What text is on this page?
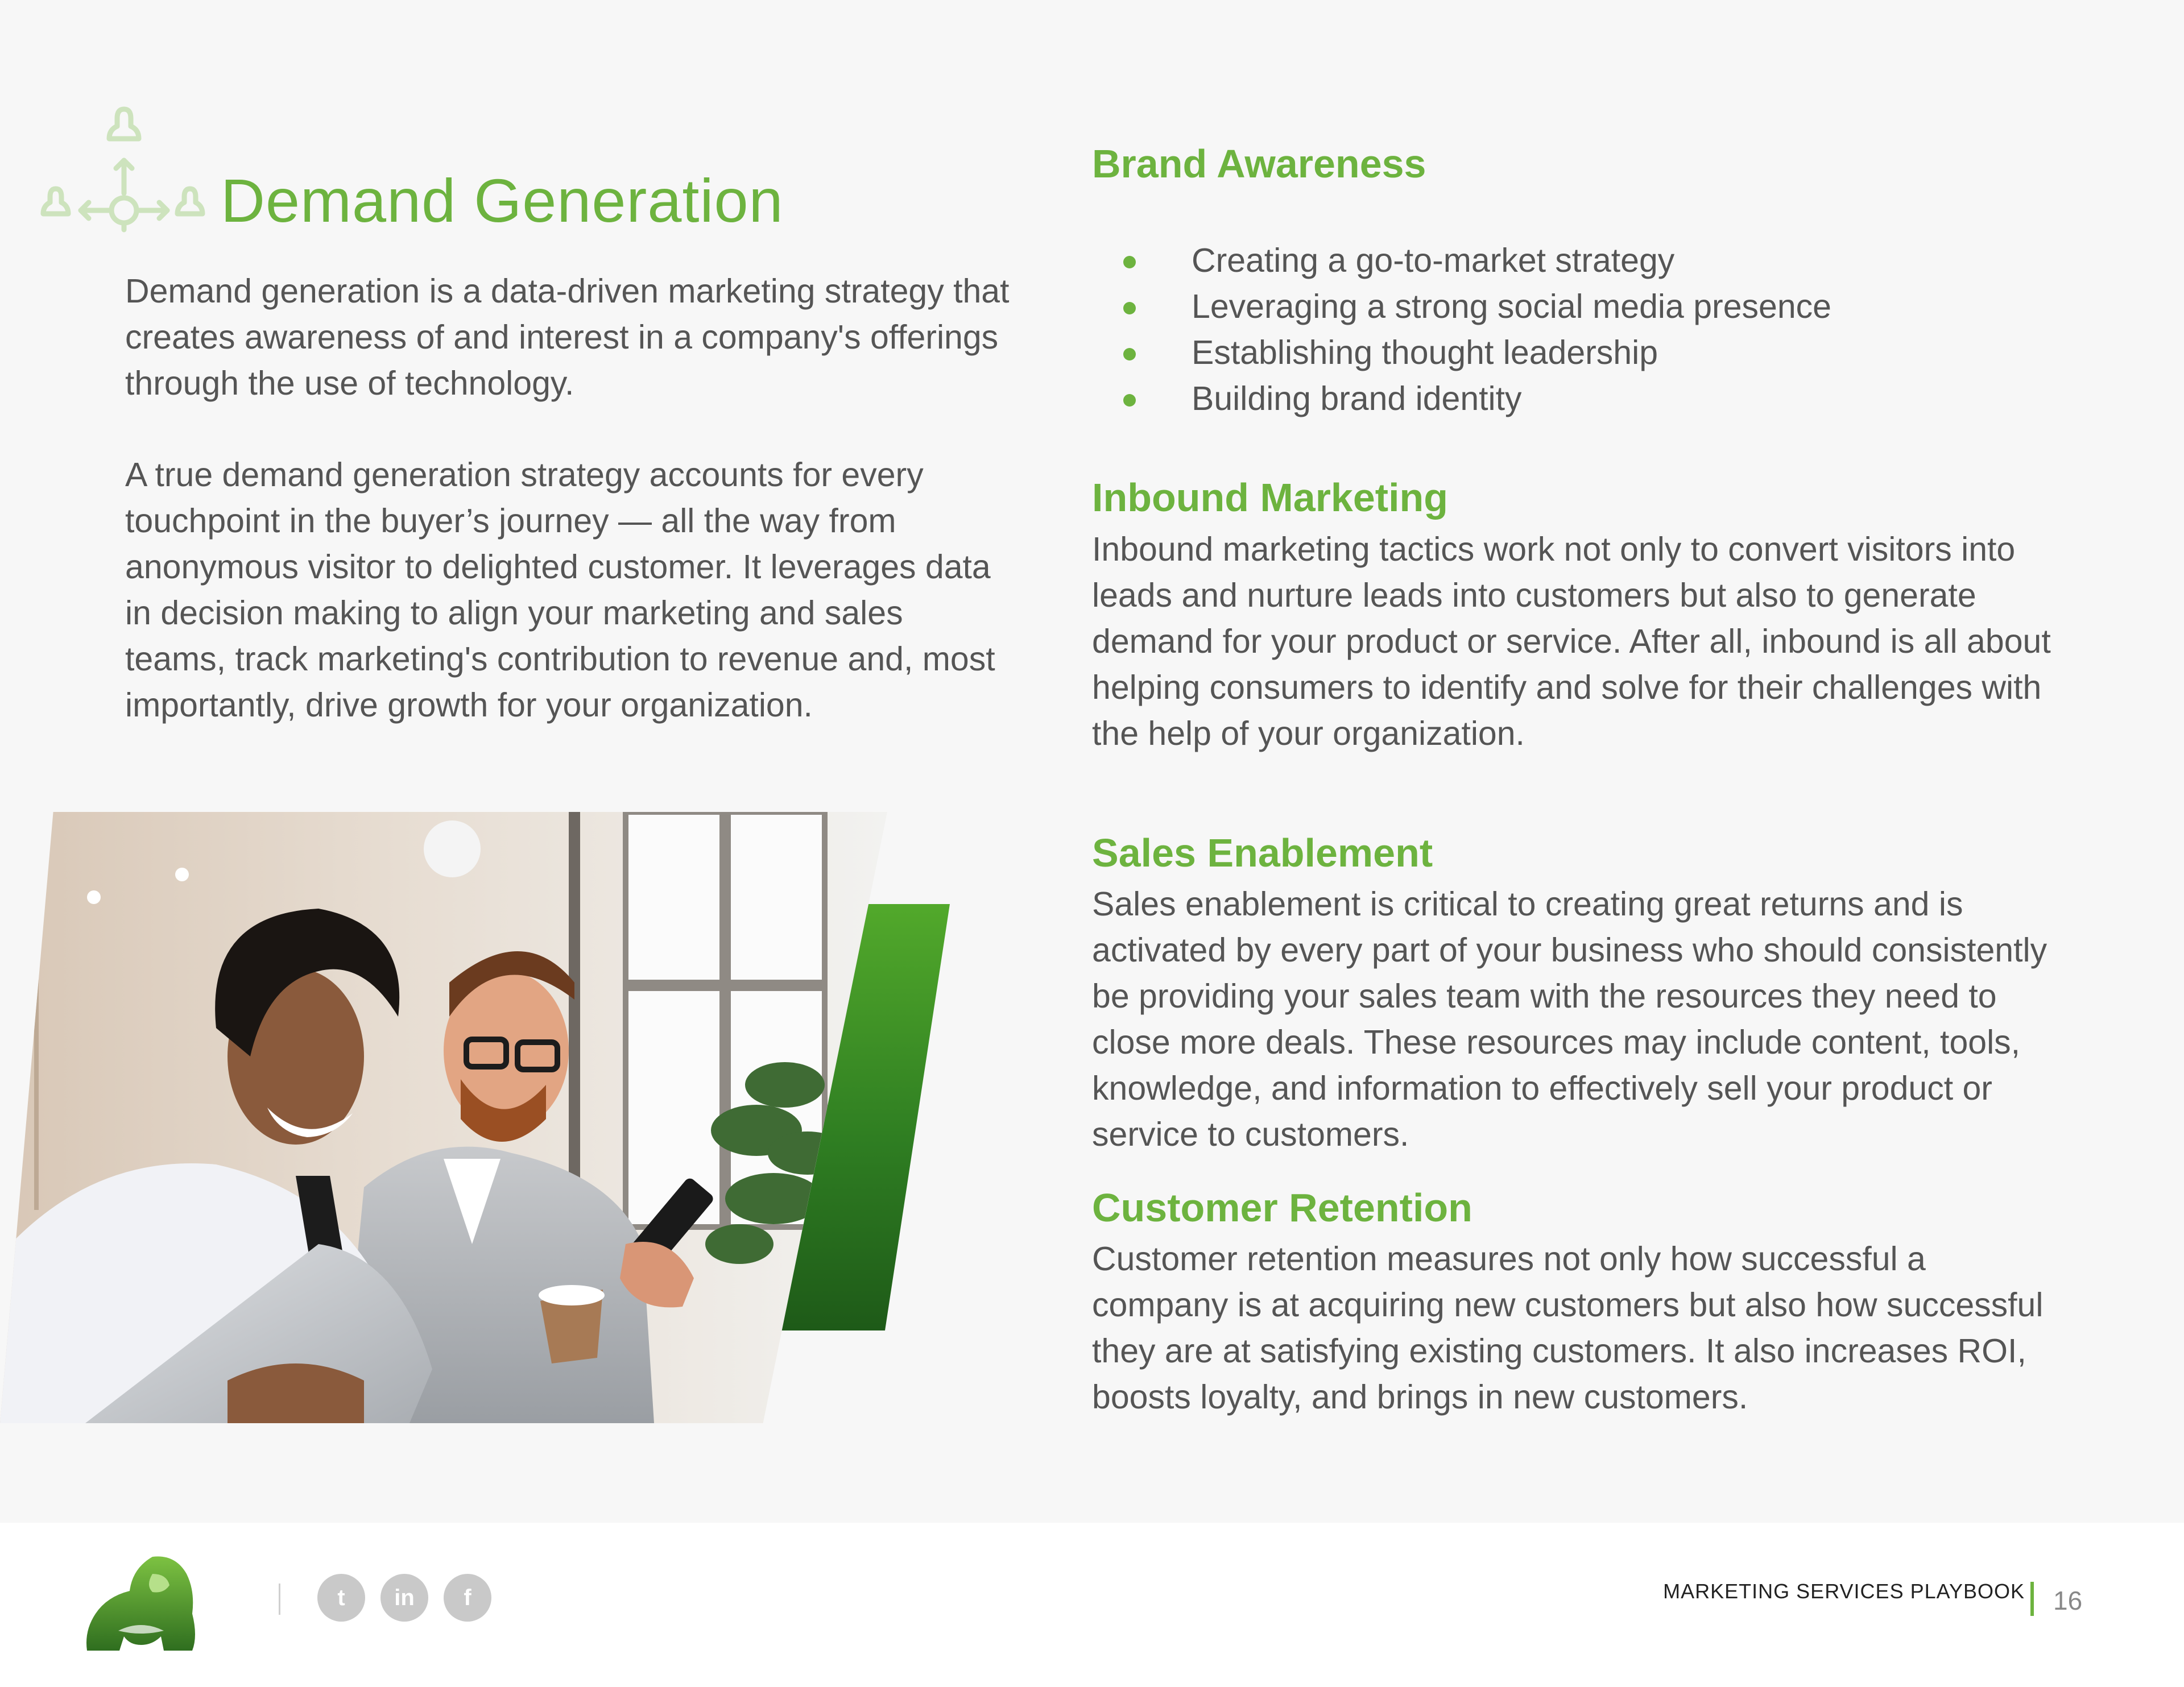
Demand Generation

Demand generation is a data-driven marketing strategy that creates awareness of and interest in a company's offerings through the use of technology.

A true demand generation strategy accounts for every touchpoint in the buyer’s journey — all the way from anonymous visitor to delighted customer. It leverages data in decision making to align your marketing and sales teams, track marketing's contribution to revenue and, most importantly, drive growth for your organization.

Brand Awareness
Creating a go-to-market strategy
Leveraging a strong social media presence
Establishing thought leadership
Building brand identity
Inbound Marketing

Inbound marketing tactics work not only to convert visitors into leads and nurture leads into customers but also to generate demand for your product or service. After all, inbound is all about helping consumers to identify and solve for their challenges with the help of your organization.

Sales Enablement

Sales enablement is critical to creating great returns and is activated by every part of your business who should consistently be providing your sales team with the resources they need to close more deals. These resources may include content, tools, knowledge, and information to effectively sell your product or service to customers.

Customer Retention

Customer retention measures not only how successful a company is at acquiring new customers but also how successful they are at satisfying existing customers. It also increases ROI, boosts loyalty, and brings in new customers.

t	in	f	MARKETING SERVICES PLAYBOOK 16
